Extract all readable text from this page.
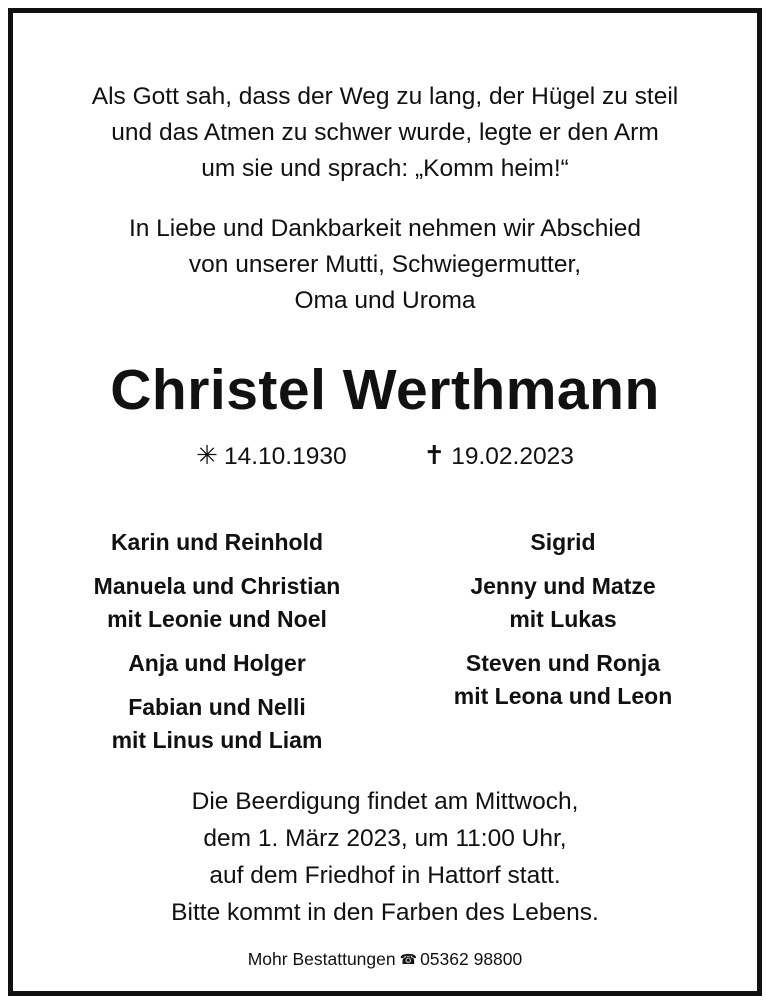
Als Gott sah, dass der Weg zu lang, der Hügel zu steil
und das Atmen zu schwer wurde, legte er den Arm
um sie und sprach: „Komm heim!“
In Liebe und Dankbarkeit nehmen wir Abschied
von unserer Mutti, Schwiegermutter,
Oma und Uroma
Christel Werthmann
✳ 14.10.1930	✝ 19.02.2023
Karin und Reinhold
Manuela und Christian
mit Leonie und Noel
Anja und Holger
Fabian und Nelli
mit Linus und Liam
Sigrid
Jenny und Matze
mit Lukas
Steven und Ronja
mit Leona und Leon
Die Beerdigung findet am Mittwoch,
dem 1. März 2023, um 11:00 Uhr,
auf dem Friedhof in Hattorf statt.
Bitte kommt in den Farben des Lebens.
Mohr Bestattungen ☎ 05362 98800
